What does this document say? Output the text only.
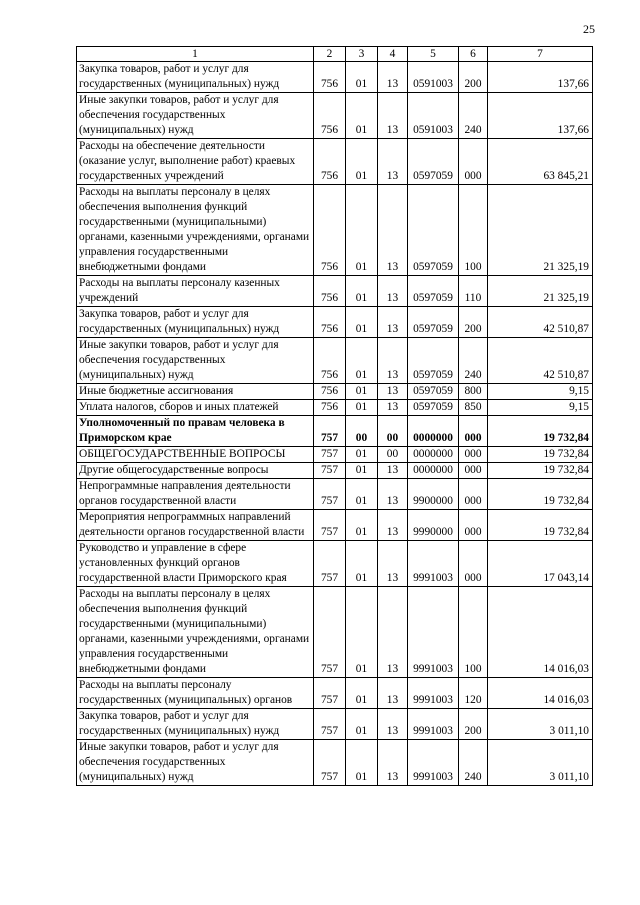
25
1	2	3	4	5	6	7
Закупка товаров, работ и услуг для государственных (муниципальных) нужд	756	01	13	0591003	200	137,66
Иные закупки товаров, работ и услуг для обеспечения государственных (муниципальных) нужд	756	01	13	0591003	240	137,66
Расходы на обеспечение деятельности (оказание услуг, выполнение работ) краевых государственных учреждений	756	01	13	0597059	000	63 845,21
Расходы на выплаты персоналу в целях обеспечения выполнения функций государственными (муниципальными) органами, казенными учреждениями, органами управления государственными внебюджетными фондами	756	01	13	0597059	100	21 325,19
Расходы на выплаты персоналу казенных учреждений	756	01	13	0597059	110	21 325,19
Закупка товаров, работ и услуг для государственных (муниципальных) нужд	756	01	13	0597059	200	42 510,87
Иные закупки товаров, работ и услуг для обеспечения государственных (муниципальных) нужд	756	01	13	0597059	240	42 510,87
Иные бюджетные ассигнования	756	01	13	0597059	800	9,15
Уплата налогов, сборов и иных платежей	756	01	13	0597059	850	9,15
Уполномоченный по правам человека в Приморском крае	757	00	00	0000000	000	19 732,84
ОБЩЕГОСУДАРСТВЕННЫЕ ВОПРОСЫ	757	01	00	0000000	000	19 732,84
Другие общегосударственные вопросы	757	01	13	0000000	000	19 732,84
Непрограммные направления деятельности органов государственной власти	757	01	13	9900000	000	19 732,84
Мероприятия непрограммных направлений деятельности органов государственной власти	757	01	13	9990000	000	19 732,84
Руководство и управление в сфере установленных функций органов государственной власти Приморского края	757	01	13	9991003	000	17 043,14
Расходы на выплаты персоналу в целях обеспечения выполнения функций государственными (муниципальными) органами, казенными учреждениями, органами управления государственными внебюджетными фондами	757	01	13	9991003	100	14 016,03
Расходы на выплаты персоналу государственных (муниципальных) органов	757	01	13	9991003	120	14 016,03
Закупка товаров, работ и услуг для государственных (муниципальных) нужд	757	01	13	9991003	200	3 011,10
Иные закупки товаров, работ и услуг для обеспечения государственных (муниципальных) нужд	757	01	13	9991003	240	3 011,10
